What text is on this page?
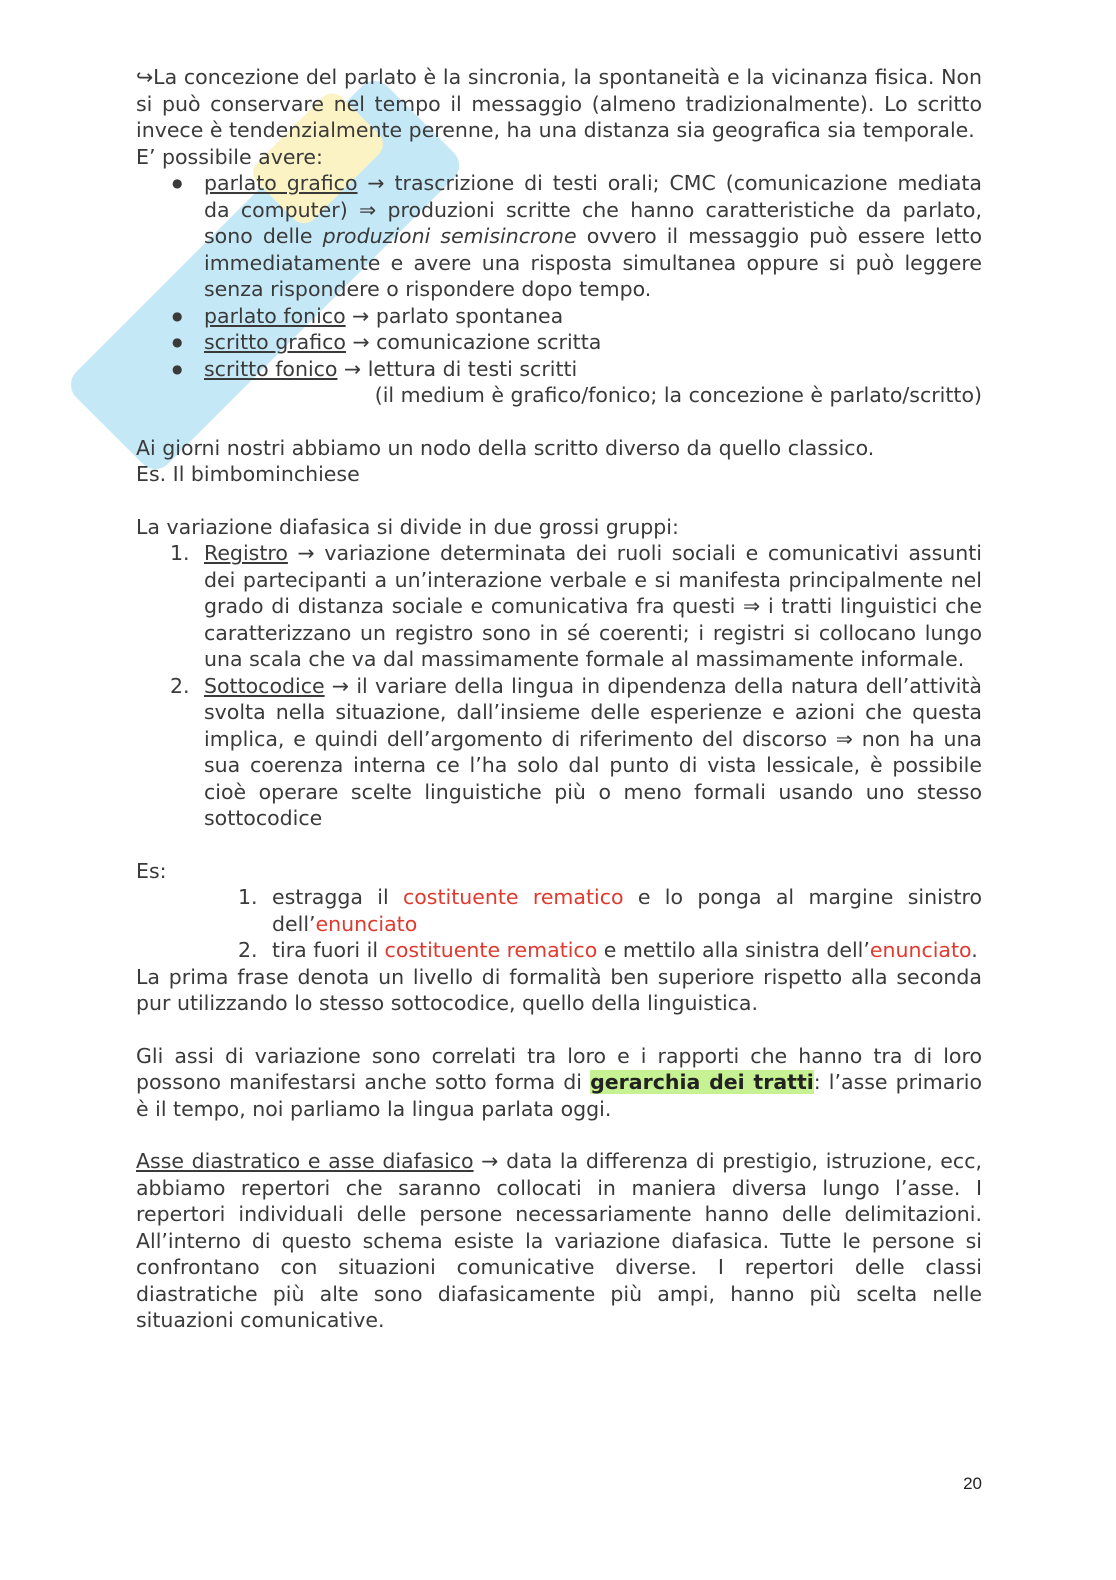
↪La concezione del parlato è la sincronia, la spontaneità e la vicinanza fisica. Non si può conservare nel tempo il messaggio (almeno tradizionalmente). Lo scritto invece è tendenzialmente perenne, ha una distanza sia geografica sia temporale.

E’ possibile avere:

● parlato grafico → trascrizione di testi orali; CMC (comunicazione mediata da computer) ⇒ produzioni scritte che hanno caratteristiche da parlato, sono delle produzioni semisincrone ovvero il messaggio può essere letto immediatamente e avere una risposta simultanea oppure si può leggere senza rispondere o rispondere dopo tempo.
● parlato fonico → parlato spontanea
● scritto grafico → comunicazione scritta
● scritto fonico → lettura di testi scritti

(il medium è grafico/fonico; la concezione è parlato/scritto)

Ai giorni nostri abbiamo un nodo della scritto diverso da quello classico.

Es. Il bimbominchiese

La variazione diafasica si divide in due grossi gruppi:

1. Registro → variazione determinata dei ruoli sociali e comunicativi assunti dei partecipanti a un’interazione verbale e si manifesta principalmente nel grado di distanza sociale e comunicativa fra questi ⇒ i tratti linguistici che caratterizzano un registro sono in sé coerenti; i registri si collocano lungo una scala che va dal massimamente formale al massimamente informale.
2. Sottocodice → il variare della lingua in dipendenza della natura dell’attività svolta nella situazione, dall’insieme delle esperienze e azioni che questa implica, e quindi dell’argomento di riferimento del discorso ⇒ non ha una sua coerenza interna ce l’ha solo dal punto di vista lessicale, è possibile cioè operare scelte linguistiche più o meno formali usando uno stesso sottocodice

Es:

1. estragga il costituente rematico e lo ponga al margine sinistro dell’enunciato
2. tira fuori il costituente rematico e mettilo alla sinistra dell’enunciato.

La prima frase denota un livello di formalità ben superiore rispetto alla seconda pur utilizzando lo stesso sottocodice, quello della linguistica.

Gli assi di variazione sono correlati tra loro e i rapporti che hanno tra di loro possono manifestarsi anche sotto forma di gerarchia dei tratti: l’asse primario è il tempo, noi parliamo la lingua parlata oggi.

Asse diastratico e asse diafasico → data la differenza di prestigio, istruzione, ecc, abbiamo repertori che saranno collocati in maniera diversa lungo l’asse. I repertori individuali delle persone necessariamente hanno delle delimitazioni. All’interno di questo schema esiste la variazione diafasica. Tutte le persone si confrontano con situazioni comunicative diverse. I repertori delle classi diastratiche più alte sono diafasicamente più ampi, hanno più scelta nelle situazioni comunicative.

20
